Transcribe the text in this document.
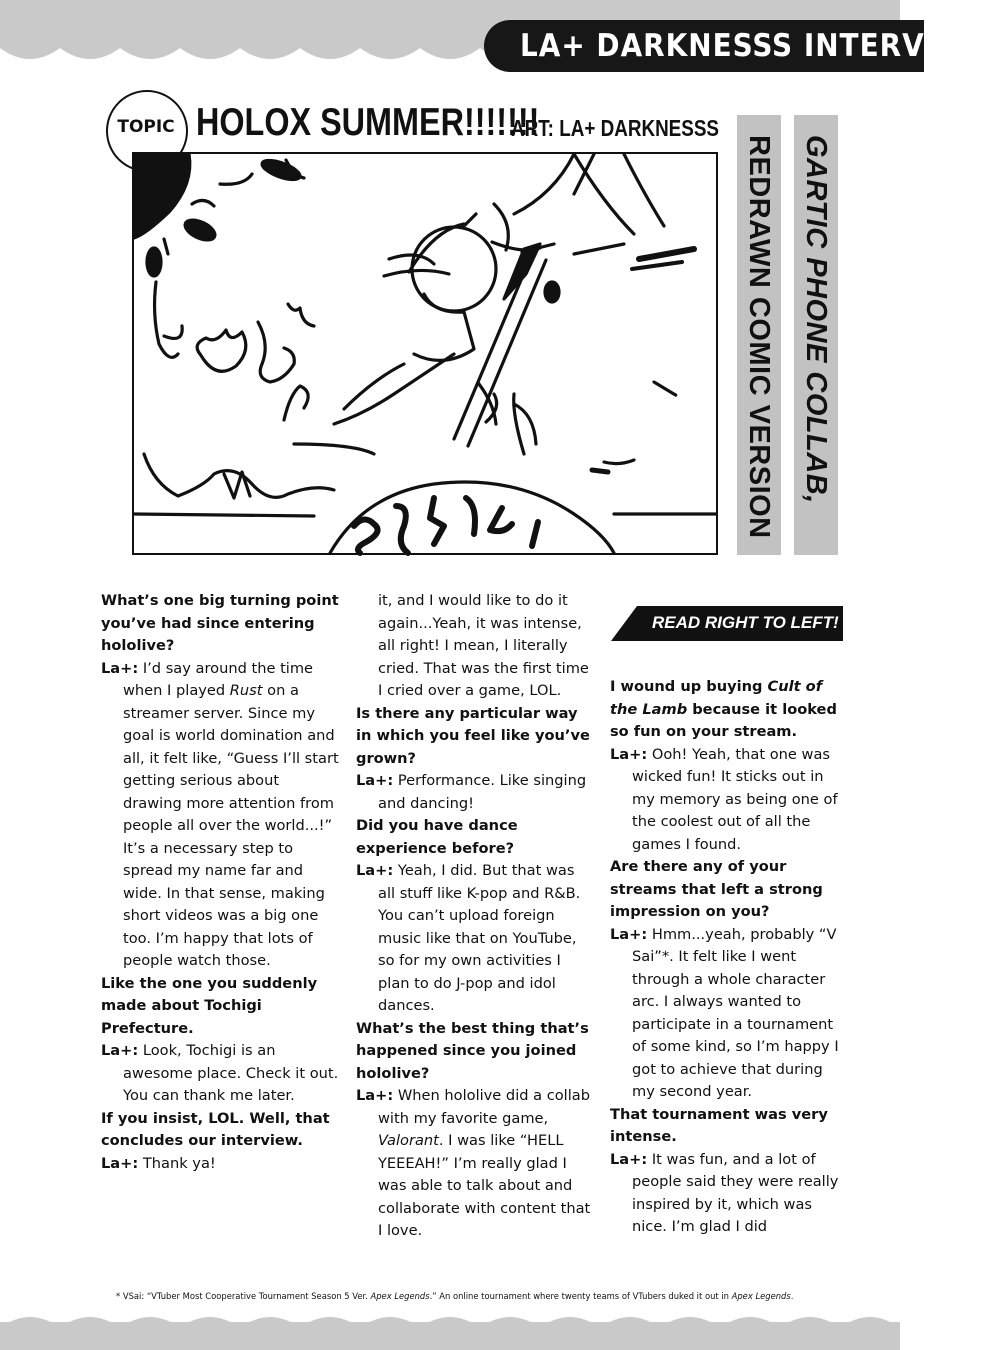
LA+ DARKNESSS INTERVIEW
TOPIC HOLOX SUMMER!!!!!!!
ART: LA+ DARKNESSS
GARTIC PHONE COLLAB,
REDRAWN COMIC VERSION

What’s one big turning point you’ve had since entering hololive?

La+: I’d say around the time when I played Rust on a streamer server. Since my goal is world domination and all, it felt like, “Guess I’ll start getting serious about drawing more attention from people all over the world...!” It’s a necessary step to spread my name far and wide. In that sense, making short videos was a big one too. I’m happy that lots of people watch those.

Like the one you suddenly made about Tochigi Prefecture.

La+: Look, Tochigi is an awesome place. Check it out. You can thank me later.

If you insist, LOL. Well, that concludes our interview.

La+: Thank ya!

it, and I would like to do it again...Yeah, it was intense, all right! I mean, I literally cried. That was the first time I cried over a game, LOL.

Is there any particular way in which you feel like you’ve grown?

La+: Performance. Like singing and dancing!

Did you have dance experience before?

La+: Yeah, I did. But that was all stuff like K-pop and R&B. You can’t upload foreign music like that on YouTube, so for my own activities I plan to do J-pop and idol dances.

What’s the best thing that’s happened since you joined hololive?

La+: When hololive did a collab with my favorite game, Valorant. I was like “HELL YEEEAH!” I’m really glad I was able to talk about and collaborate with content that I love.

READ RIGHT TO LEFT!

I wound up buying Cult of the Lamb because it looked so fun on your stream.

La+: Ooh! Yeah, that one was wicked fun! It sticks out in my memory as being one of the coolest out of all the games I found.

Are there any of your streams that left a strong impression on you?

La+: Hmm...yeah, probably “V Sai”*. It felt like I went through a whole character arc. I always wanted to participate in a tournament of some kind, so I’m happy I got to achieve that during my second year.

That tournament was very intense.

La+: It was fun, and a lot of people said they were really inspired by it, which was nice. I’m glad I did

* VSai: “VTuber Most Cooperative Tournament Season 5 Ver. Apex Legends.” An online tournament where twenty teams of VTubers duked it out in Apex Legends.
